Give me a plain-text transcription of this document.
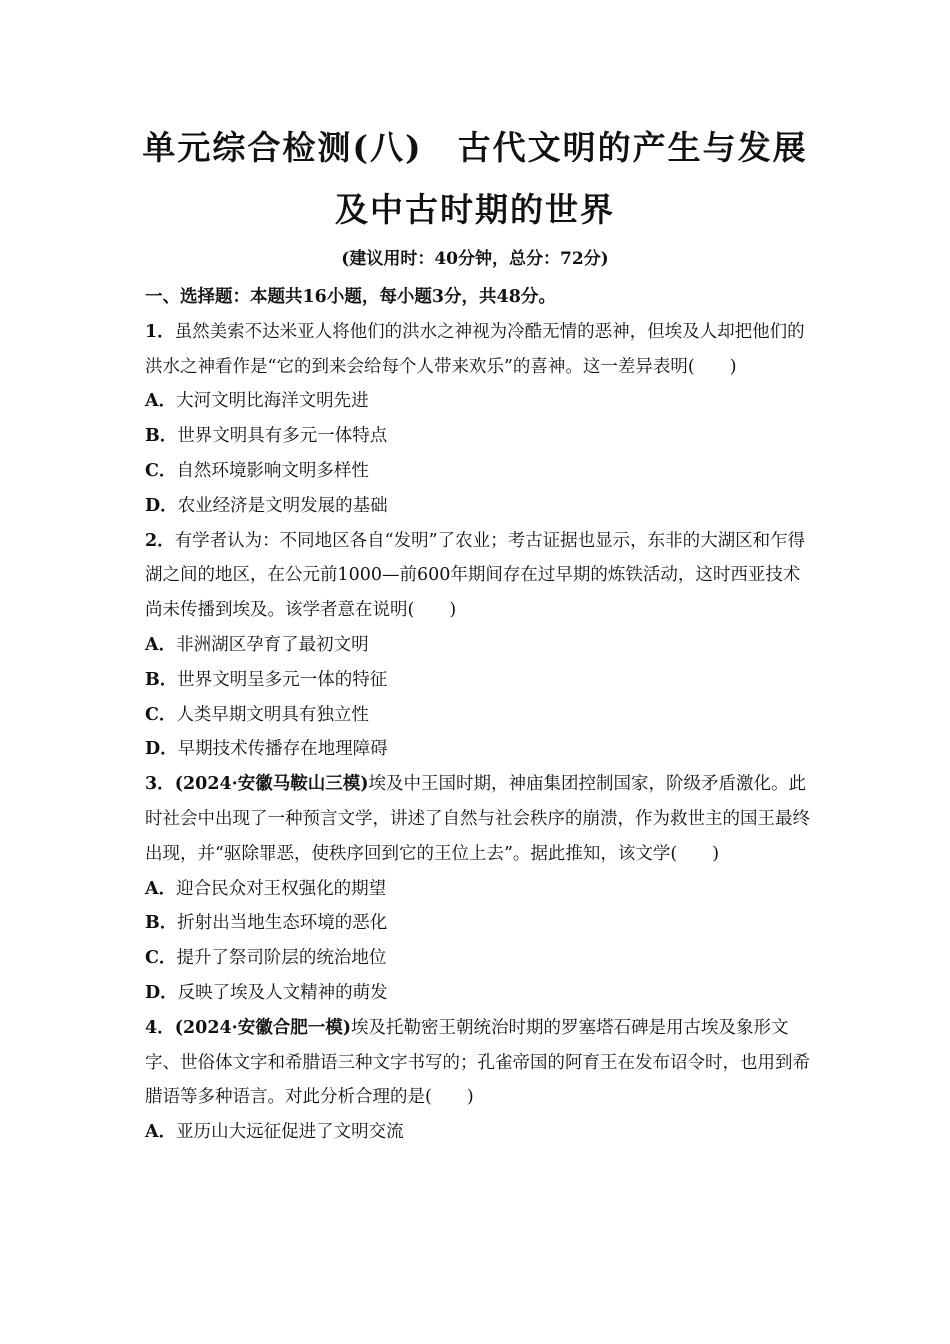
单元综合检测(八)　古代文明的产生与发展
及中古时期的世界

(建议用时：40分钟，总分：72分)

一、选择题：本题共16小题，每小题3分，共48分。

1．虽然美索不达米亚人将他们的洪水之神视为冷酷无情的恶神，但埃及人却把他们的洪水之神看作是“它的到来会给每个人带来欢乐”的喜神。这一差异表明(　　)

A．大河文明比海洋文明先进

B．世界文明具有多元一体特点

C．自然环境影响文明多样性

D．农业经济是文明发展的基础

2．有学者认为：不同地区各自“发明”了农业；考古证据也显示，东非的大湖区和乍得湖之间的地区，在公元前1000—前600年期间存在过早期的炼铁活动，这时西亚技术尚未传播到埃及。该学者意在说明(　　)

A．非洲湖区孕育了最初文明

B．世界文明呈多元一体的特征

C．人类早期文明具有独立性

D．早期技术传播存在地理障碍

3．(2024·安徽马鞍山三模)埃及中王国时期，神庙集团控制国家，阶级矛盾激化。此时社会中出现了一种预言文学，讲述了自然与社会秩序的崩溃，作为救世主的国王最终出现，并“驱除罪恶，使秩序回到它的王位上去”。据此推知，该文学(　　)

A．迎合民众对王权强化的期望

B．折射出当地生态环境的恶化

C．提升了祭司阶层的统治地位

D．反映了埃及人文精神的萌发

4．(2024·安徽合肥一模)埃及托勒密王朝统治时期的罗塞塔石碑是用古埃及象形文字、世俗体文字和希腊语三种文字书写的；孔雀帝国的阿育王在发布诏令时，也用到希腊语等多种语言。对此分析合理的是(　　)

A．亚历山大远征促进了文明交流
